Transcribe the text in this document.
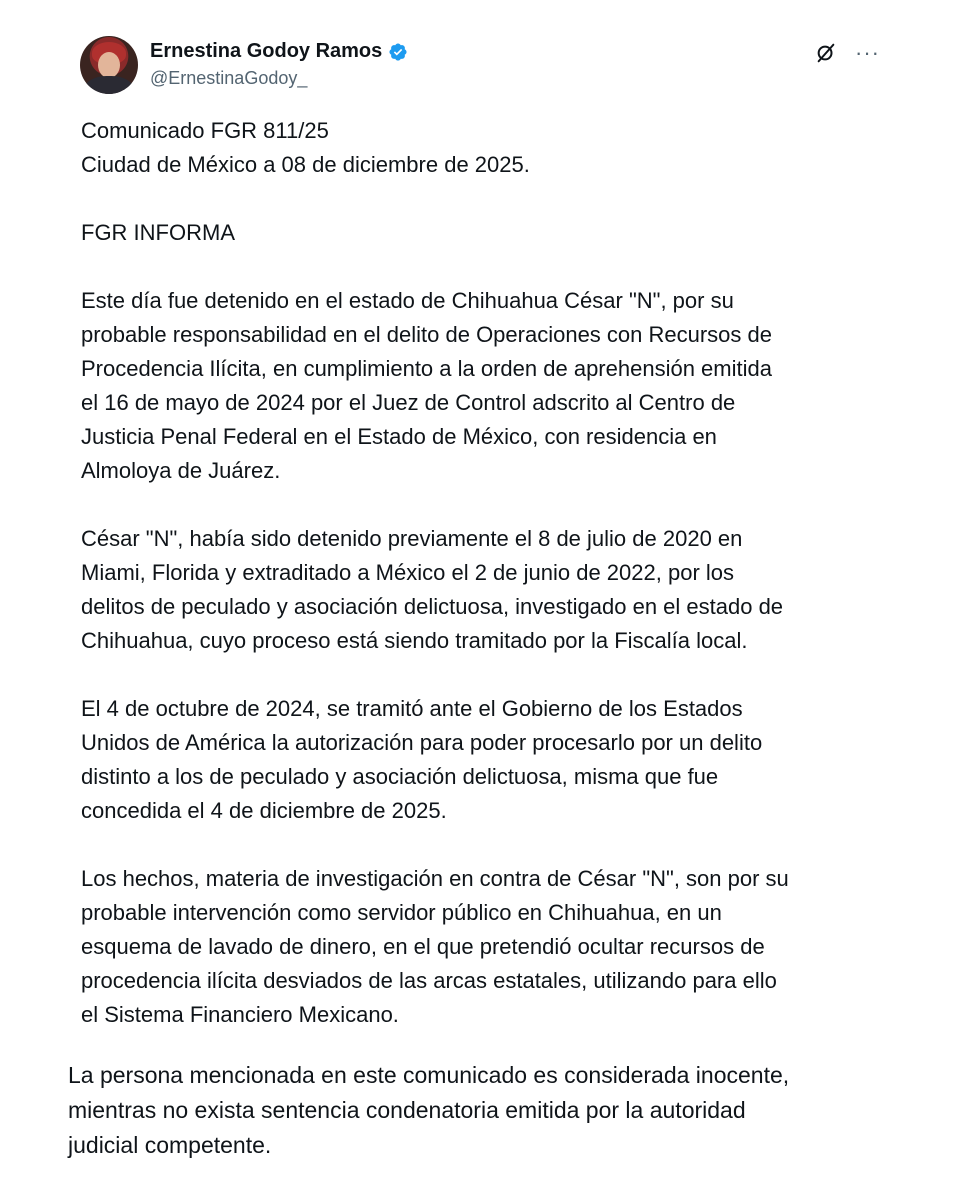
Ernestina Godoy Ramos
@ErnestinaGodoy_
···

Comunicado FGR 811/25

Ciudad de México a 08 de diciembre de 2025.

FGR INFORMA

Este día fue detenido en el estado de Chihuahua César "N", por su

probable responsabilidad en el delito de Operaciones con Recursos de

Procedencia Ilícita, en cumplimiento a la orden de aprehensión emitida

el 16 de mayo de 2024 por el Juez de Control adscrito al Centro de

Justicia Penal Federal en el Estado de México, con residencia en

Almoloya de Juárez.

César "N", había sido detenido previamente el 8 de julio de 2020 en

Miami, Florida y extraditado a México el 2 de junio de 2022, por los

delitos de peculado y asociación delictuosa, investigado en el estado de

Chihuahua, cuyo proceso está siendo tramitado por la Fiscalía local.

El 4 de octubre de 2024, se tramitó ante el Gobierno de los Estados

Unidos de América la autorización para poder procesarlo por un delito

distinto a los de peculado y asociación delictuosa, misma que fue

concedida el 4 de diciembre de 2025.

Los hechos, materia de investigación en contra de César "N", son por su

probable intervención como servidor público en Chihuahua, en un

esquema de lavado de dinero, en el que pretendió ocultar recursos de

procedencia ilícita desviados de las arcas estatales, utilizando para ello

el Sistema Financiero Mexicano.

La persona mencionada en este comunicado es considerada inocente,
mientras no exista sentencia condenatoria emitida por la autoridad
judicial competente.
